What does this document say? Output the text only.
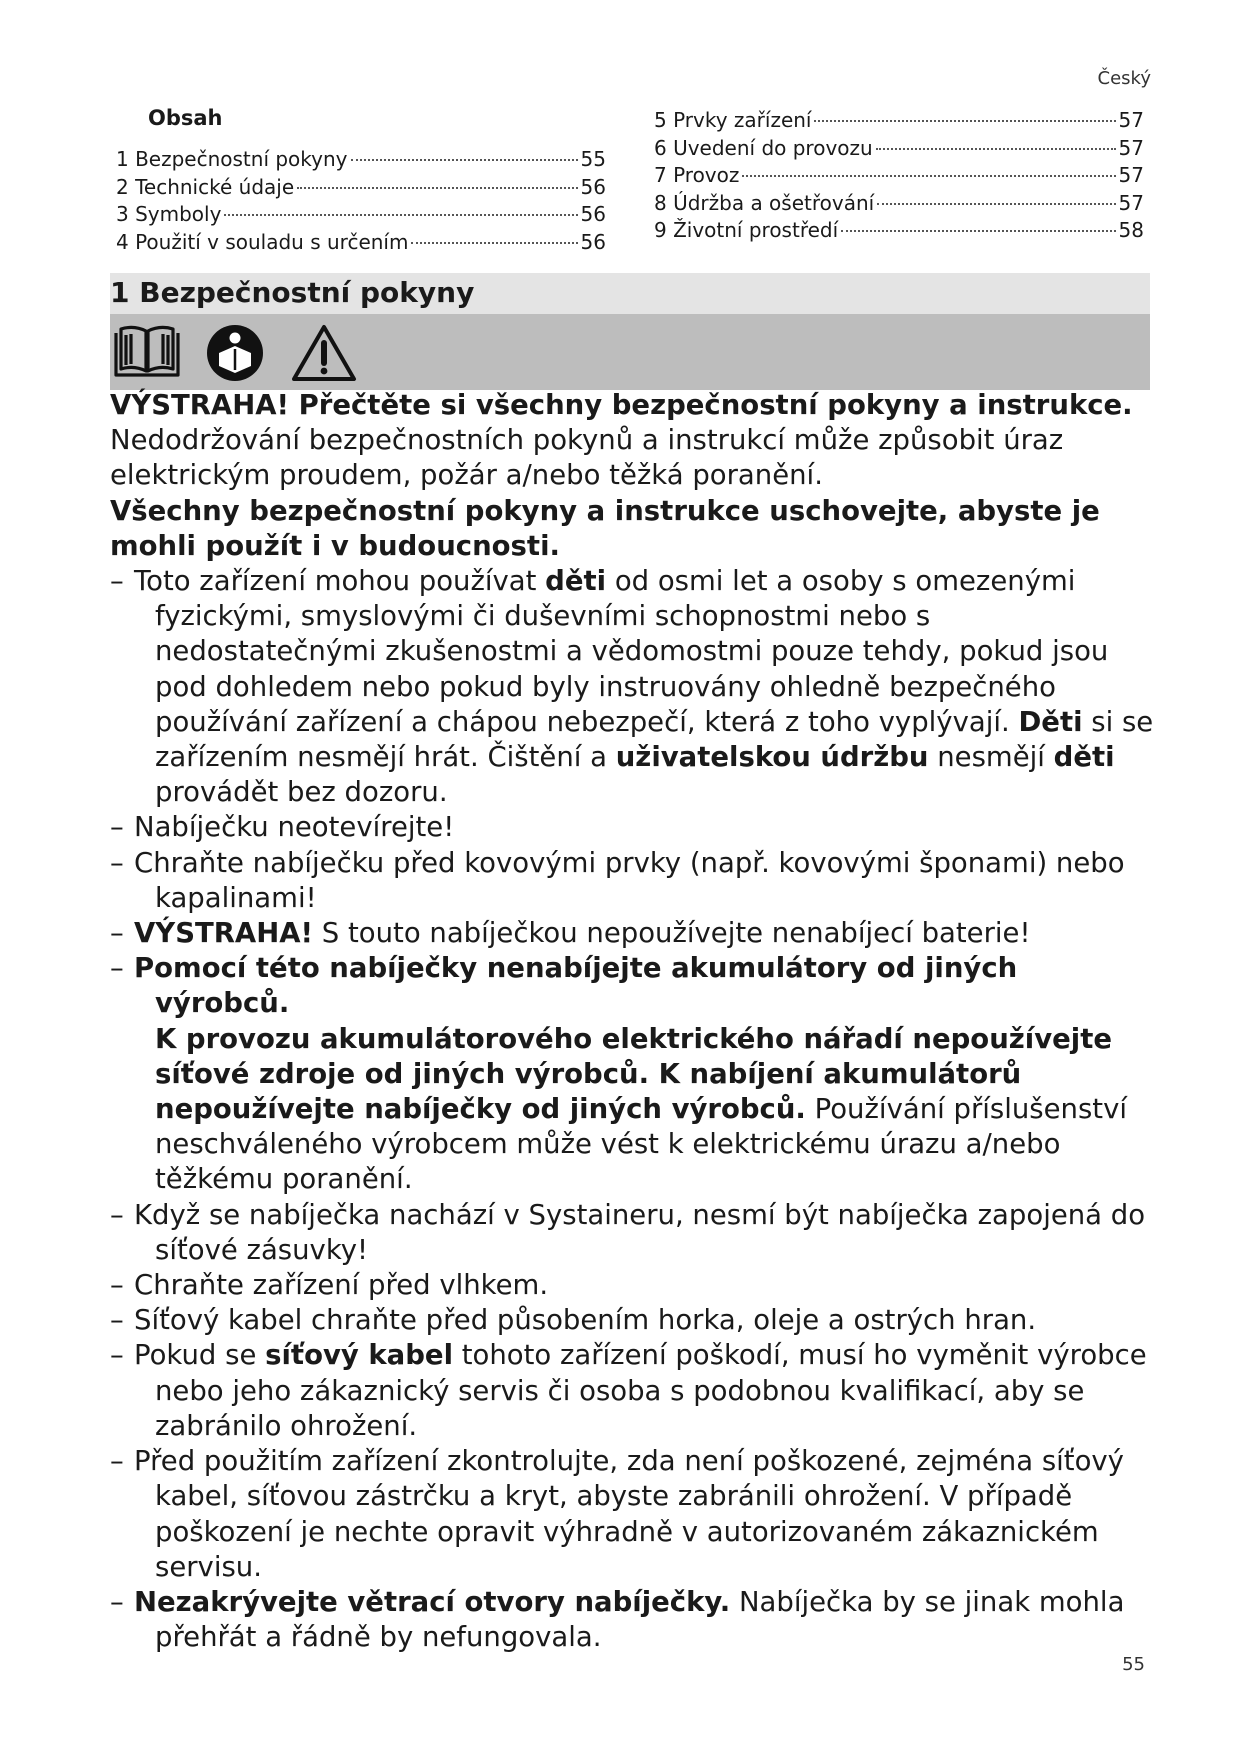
Český
Obsah
1 Bezpečnostní pokyny	55
2 Technické údaje	56
3 Symboly	56
4 Použití v souladu s určením	56
5 Prvky zařízení	57
6 Uvedení do provozu	57
7 Provoz	57
8 Údržba a ošetřování	57
9 Životní prostředí	58
1 Bezpečnostní pokyny

VÝSTRAHA! Přečtěte si všechny bezpečnostní pokyny a instrukce. Nedodržování bezpečnostních pokynů a instrukcí může způsobit úraz elektrickým proudem, požár a/nebo těžká poranění.

Všechny bezpečnostní pokyny a instrukce uschovejte, abyste je mohli použít i v budoucnosti.

– Toto zařízení mohou používat děti od osmi let a osoby s omezenými fyzickými, smyslovými či duševními schopnostmi nebo s nedostatečnými zkušenostmi a vědomostmi pouze tehdy, pokud jsou pod dohledem nebo pokud byly instruovány ohledně bezpečného používání zařízení a chápou nebezpečí, která z toho vyplývají. Děti si se zařízením nesmějí hrát. Čištění a uživatelskou údržbu nesmějí děti provádět bez dozoru.

– Nabíječku neotevírejte!

– Chraňte nabíječku před kovovými prvky (např. kovovými šponami) nebo kapalinami!

– VÝSTRAHA! S touto nabíječkou nepoužívejte nenabíjecí baterie!

– Pomocí této nabíječky nenabíjejte akumulátory od jiných výrobců.
K provozu akumulátorového elektrického nářadí nepoužívejte síťové zdroje od jiných výrobců. K nabíjení akumulátorů nepoužívejte nabíječky od jiných výrobců. Používání příslušenství neschváleného výrobcem může vést k elektrickému úrazu a/nebo těžkému poranění.

– Když se nabíječka nachází v Systaineru, nesmí být nabíječka zapojená do síťové zásuvky!

– Chraňte zařízení před vlhkem.

– Síťový kabel chraňte před působením horka, oleje a ostrých hran.

– Pokud se síťový kabel tohoto zařízení poškodí, musí ho vyměnit výrobce nebo jeho zákaznický servis či osoba s podobnou kvalifikací, aby se zabránilo ohrožení.

– Před použitím zařízení zkontrolujte, zda není poškozené, zejména síťový kabel, síťovou zástrčku a kryt, abyste zabránili ohrožení. V případě poškození je nechte opravit výhradně v autorizovaném zákaznickém servisu.

– Nezakrývejte větrací otvory nabíječky. Nabíječka by se jinak mohla přehřát a řádně by nefungovala.

55
